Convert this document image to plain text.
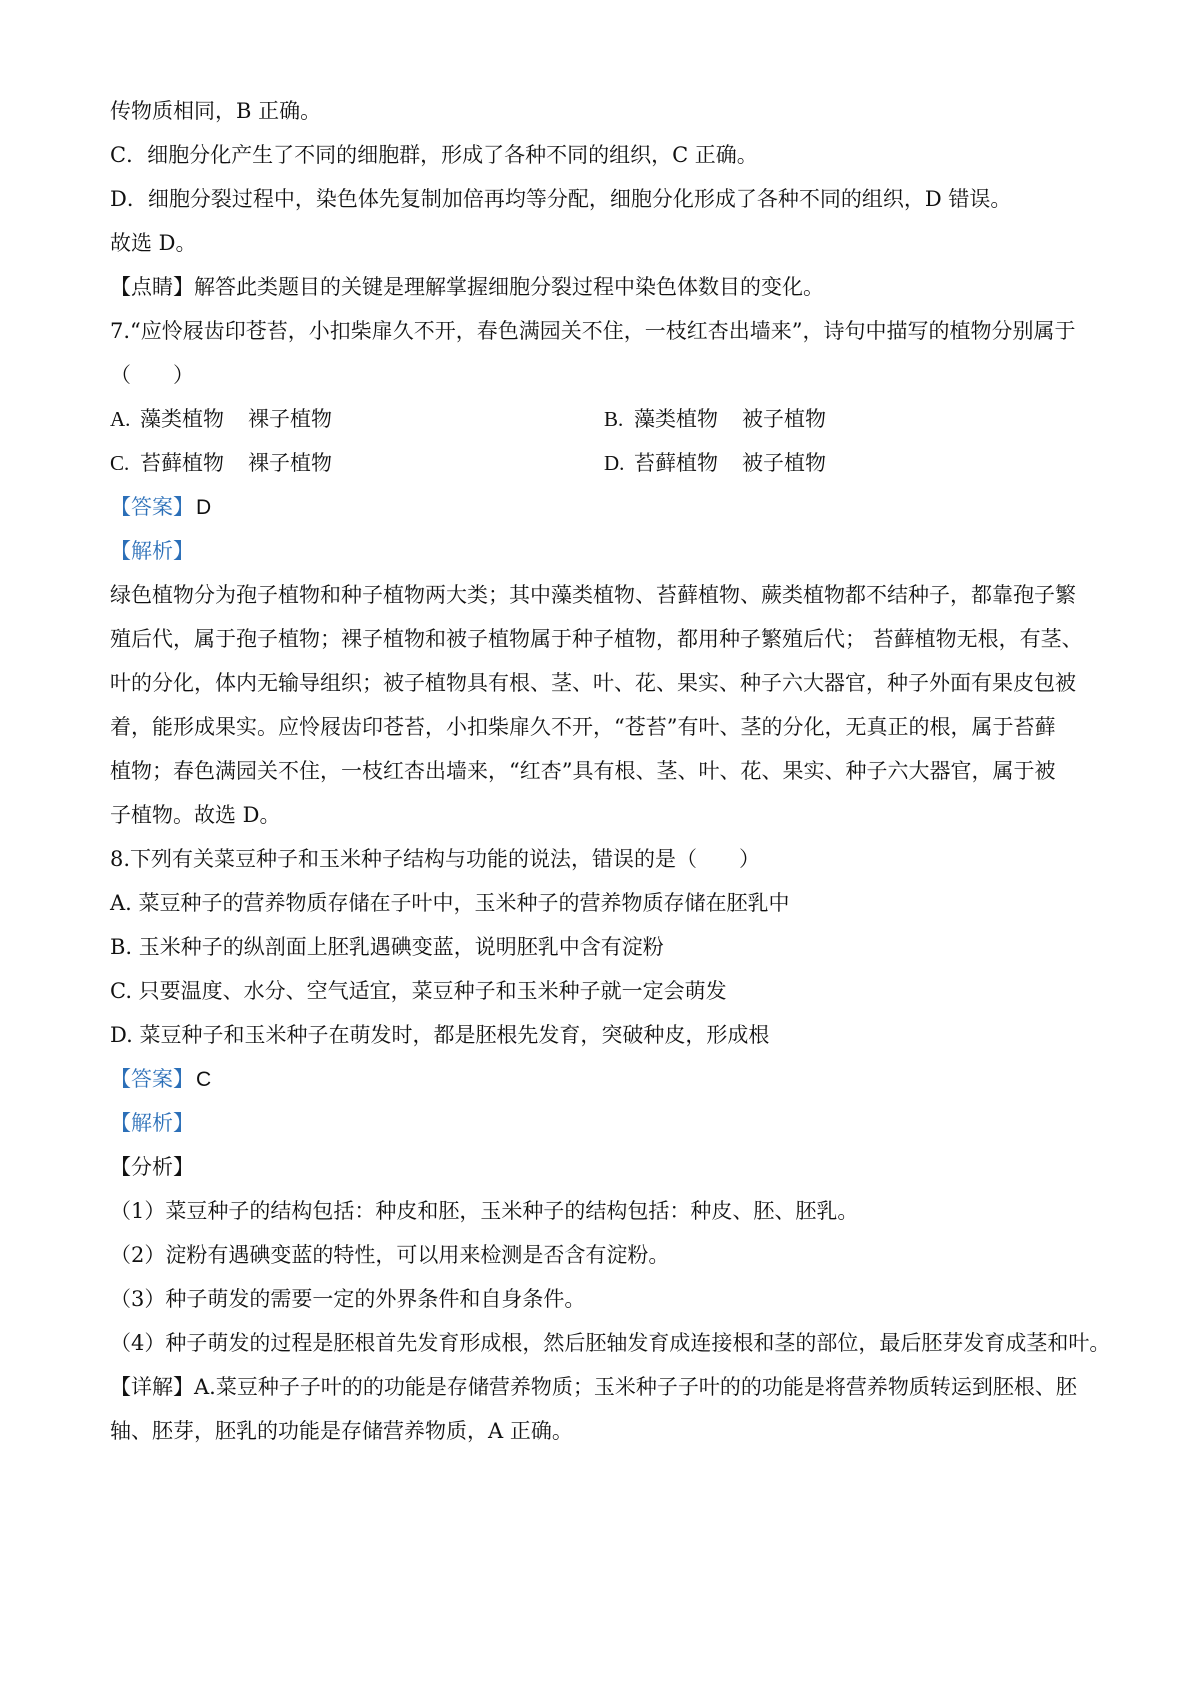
传物质相同，B 正确。
C．细胞分化产生了不同的细胞群，形成了各种不同的组织，C 正确。
D．细胞分裂过程中，染色体先复制加倍再均等分配，细胞分化形成了各种不同的组织，D 错误。
故选 D。
【点睛】解答此类题目的关键是理解掌握细胞分裂过程中染色体数目的变化。
7.“应怜屐齿印苍苔，小扣柴扉久不开，春色满园关不住，一枝红杏出墙来”，诗句中描写的植物分别属于
（　　）
A. 藻类植物 裸子植物	B. 藻类植物 被子植物
C. 苔藓植物 裸子植物	D. 苔藓植物 被子植物
【答案】D
【解析】
绿色植物分为孢子植物和种子植物两大类；其中藻类植物、苔藓植物、蕨类植物都不结种子，都靠孢子繁
殖后代，属于孢子植物；裸子植物和被子植物属于种子植物，都用种子繁殖后代； 苔藓植物无根，有茎、
叶的分化，体内无输导组织；被子植物具有根、茎、叶、花、果实、种子六大器官，种子外面有果皮包被
着，能形成果实。应怜屐齿印苍苔，小扣柴扉久不开，“苍苔”有叶、茎的分化，无真正的根，属于苔藓
植物；春色满园关不住，一枝红杏出墙来，“红杏”具有根、茎、叶、花、果实、种子六大器官，属于被
子植物。故选 D。
8.下列有关菜豆种子和玉米种子结构与功能的说法，错误的是（　　）
A. 菜豆种子的营养物质存储在子叶中，玉米种子的营养物质存储在胚乳中
B. 玉米种子的纵剖面上胚乳遇碘变蓝，说明胚乳中含有淀粉
C. 只要温度、水分、空气适宜，菜豆种子和玉米种子就一定会萌发
D. 菜豆种子和玉米种子在萌发时，都是胚根先发育，突破种皮，形成根
【答案】C
【解析】
【分析】
（1）菜豆种子的结构包括：种皮和胚，玉米种子的结构包括：种皮、胚、胚乳。
（2）淀粉有遇碘变蓝的特性，可以用来检测是否含有淀粉。
（3）种子萌发的需要一定的外界条件和自身条件。
（4）种子萌发的过程是胚根首先发育形成根，然后胚轴发育成连接根和茎的部位，最后胚芽发育成茎和叶。
【详解】A.菜豆种子子叶的的功能是存储营养物质；玉米种子子叶的的功能是将营养物质转运到胚根、胚
轴、胚芽，胚乳的功能是存储营养物质，A 正确。
